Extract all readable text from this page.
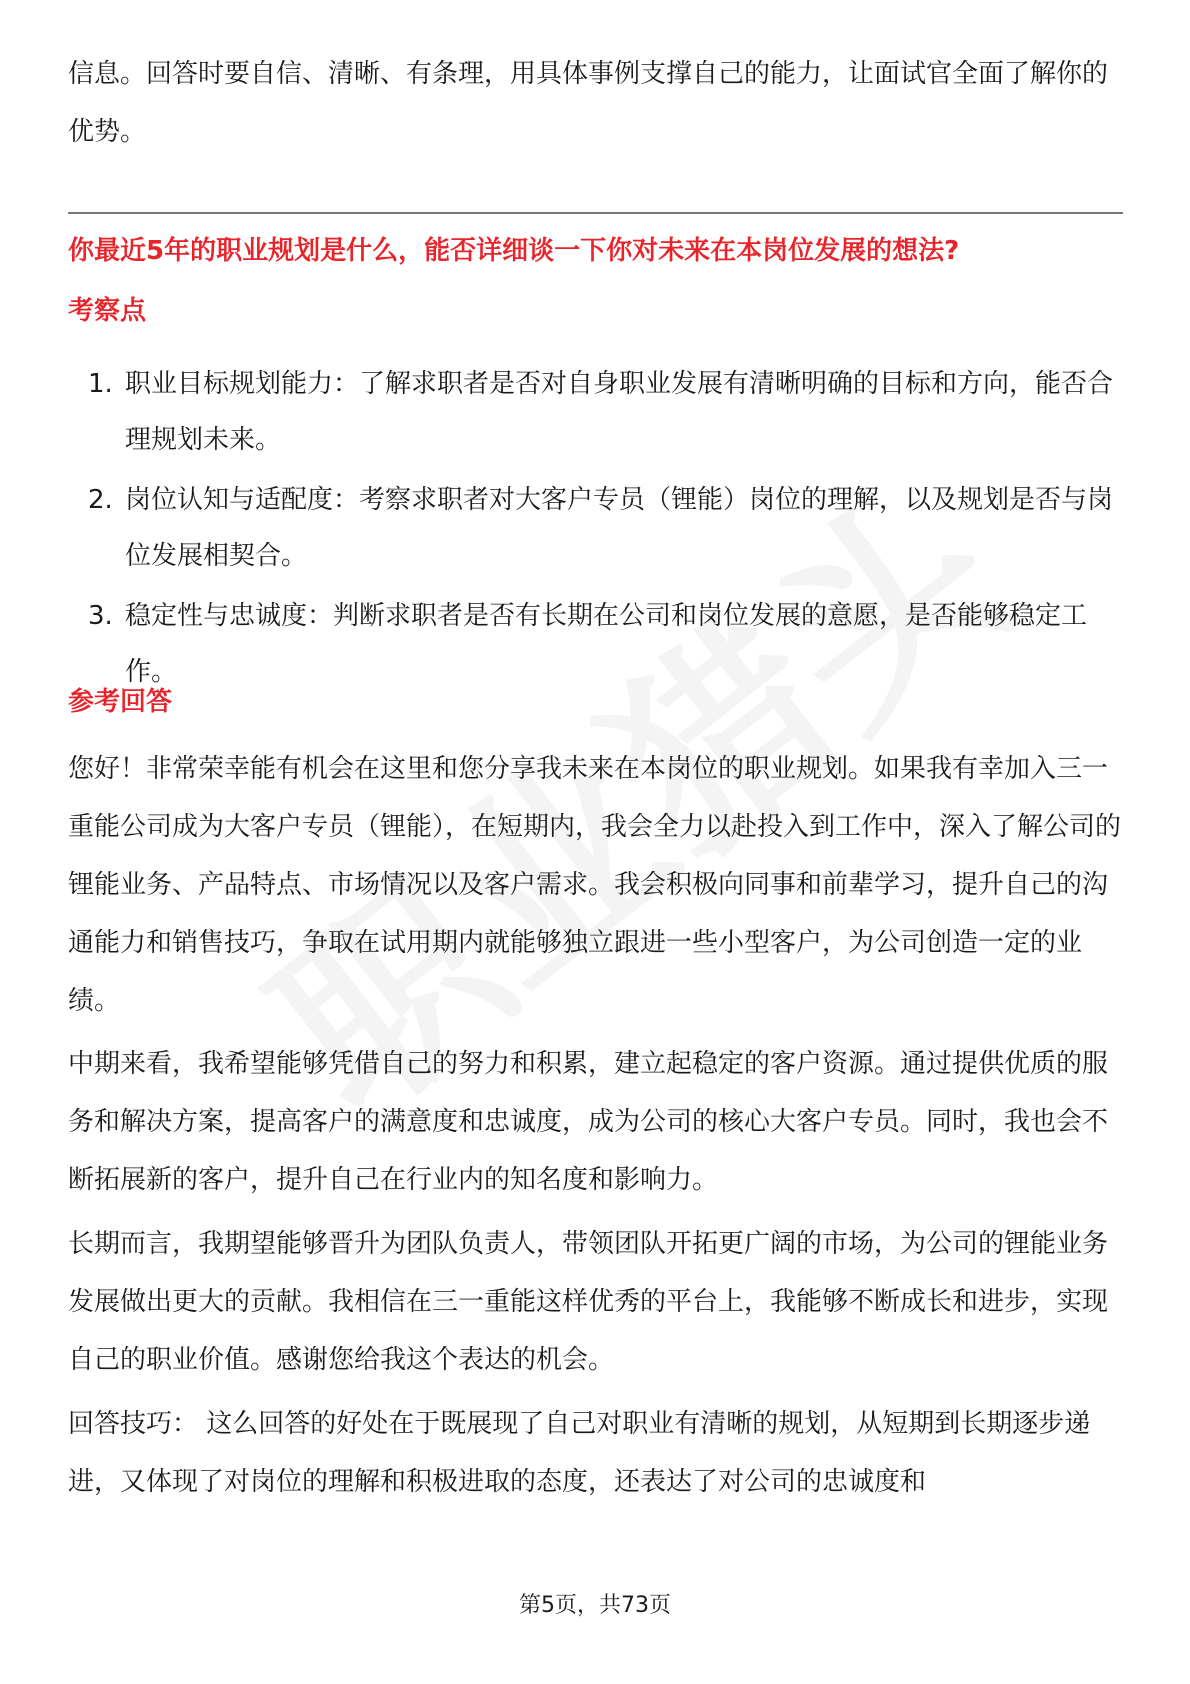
信息。回答时要自信、清晰、有条理，用具体事例支撑自己的能力，让面试官全面了解你的优势。

你最近5年的职业规划是什么，能否详细谈一下你对未来在本岗位发展的想法?

考察点

1. 职业目标规划能力：了解求职者是否对自身职业发展有清晰明确的目标和方向，能否合理规划未来。
2. 岗位认知与适配度：考察求职者对大客户专员（锂能）岗位的理解，以及规划是否与岗位发展相契合。
3. 稳定性与忠诚度：判断求职者是否有长期在公司和岗位发展的意愿，是否能够稳定工作。

参考回答

您好！非常荣幸能有机会在这里和您分享我未来在本岗位的职业规划。如果我有幸加入三一重能公司成为大客户专员（锂能），在短期内，我会全力以赴投入到工作中，深入了解公司的锂能业务、产品特点、市场情况以及客户需求。我会积极向同事和前辈学习，提升自己的沟通能力和销售技巧，争取在试用期内就能够独立跟进一些小型客户，为公司创造一定的业绩。

中期来看，我希望能够凭借自己的努力和积累，建立起稳定的客户资源。通过提供优质的服务和解决方案，提高客户的满意度和忠诚度，成为公司的核心大客户专员。同时，我也会不断拓展新的客户，提升自己在行业内的知名度和影响力。

长期而言，我期望能够晋升为团队负责人，带领团队开拓更广阔的市场，为公司的锂能业务发展做出更大的贡献。我相信在三一重能这样优秀的平台上，我能够不断成长和进步，实现自己的职业价值。感谢您给我这个表达的机会。

回答技巧： 这么回答的好处在于既展现了自己对职业有清晰的规划，从短期到长期逐步递进，又体现了对岗位的理解和积极进取的态度，还表达了对公司的忠诚度和

第5页，共73页
